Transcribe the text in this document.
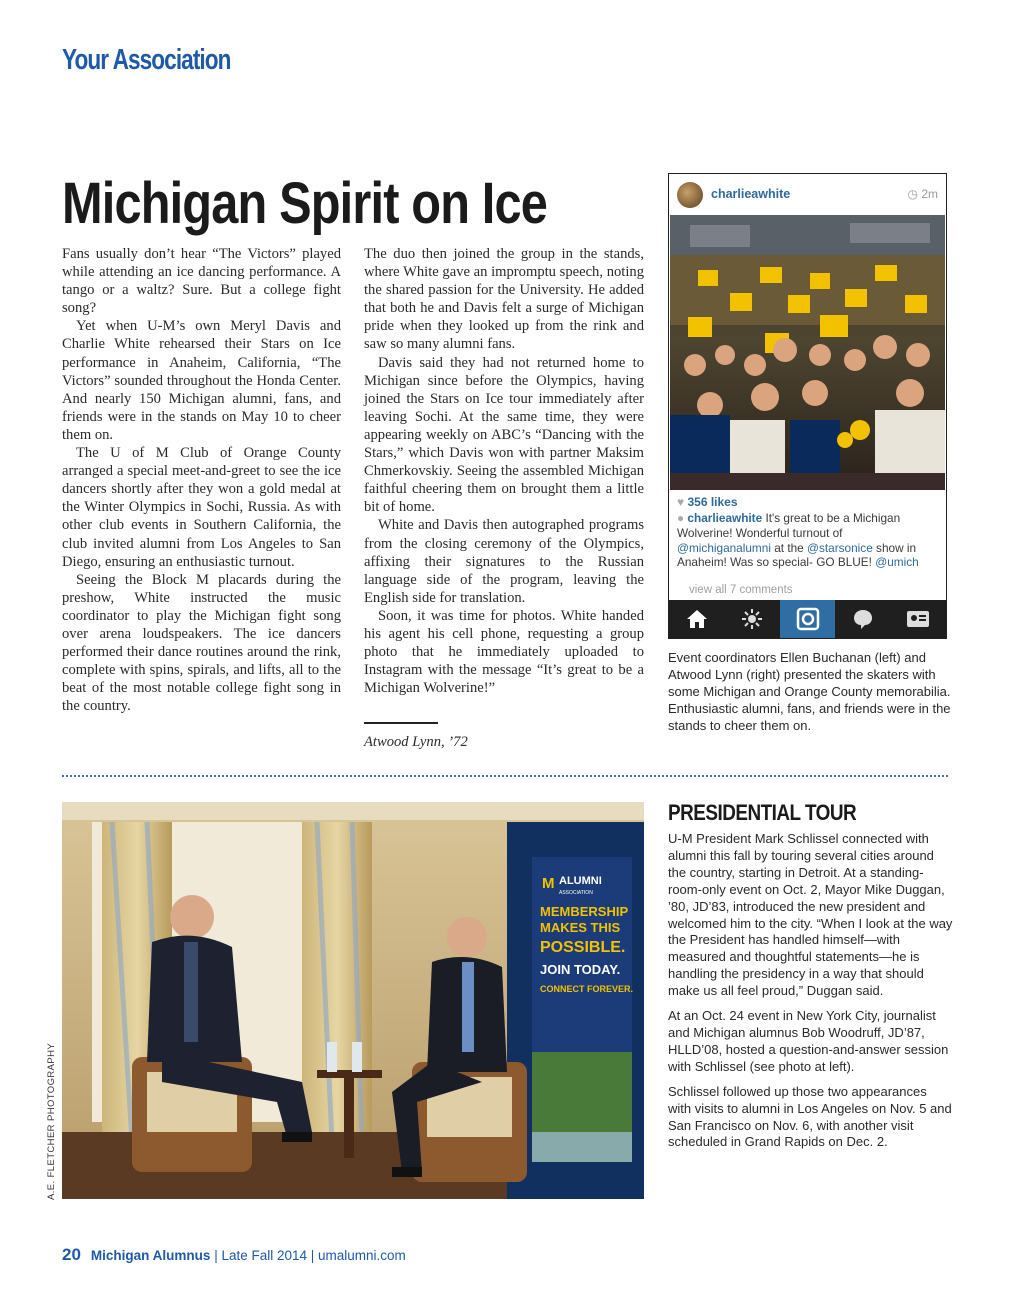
Your Association
Michigan Spirit on Ice

Fans usually don’t hear “The Victors” played while attending an ice dancing performance. A tango or a waltz? Sure. But a college fight song?

Yet when U-M’s own Meryl Davis and Charlie White rehearsed their Stars on Ice performance in Anaheim, California, “The Victors” sounded throughout the Honda Center. And nearly 150 Michigan alumni, fans, and friends were in the stands on May 10 to cheer them on.

The U of M Club of Orange County arranged a special meet-and-greet to see the ice dancers shortly after they won a gold medal at the Winter Olympics in Sochi, Russia. As with other club events in Southern California, the club invited alumni from Los Angeles to San Diego, ensuring an enthusiastic turnout.

Seeing the Block M placards during the preshow, White instructed the music coordinator to play the Michigan fight song over arena loudspeakers. The ice dancers performed their dance routines around the rink, complete with spins, spirals, and lifts, all to the beat of the most notable college fight song in the country.

The duo then joined the group in the stands, where White gave an impromptu speech, noting the shared passion for the University. He added that both he and Davis felt a surge of Michigan pride when they looked up from the rink and saw so many alumni fans.

Davis said they had not returned home to Michigan since before the Olympics, having joined the Stars on Ice tour immediately after leaving Sochi. At the same time, they were appearing weekly on ABC’s “Dancing with the Stars,” which Davis won with partner Maksim Chmerkovskiy. Seeing the assembled Michigan faithful cheering them on brought them a little bit of home.

White and Davis then autographed programs from the closing ceremony of the Olympics, affixing their signatures to the Russian language side of the program, leaving the English side for translation.

Soon, it was time for photos. White handed his agent his cell phone, requesting a group photo that he immediately uploaded to Instagram with the message “It’s great to be a Michigan Wolverine!”

Atwood Lynn, ’72
charlieawhite	◷ 2m
♥ 356 likes
● charlieawhite It's great to be a Michigan Wolverine! Wonderful turnout of @michiganalumni at the @starsonice show in Anaheim! Was so special- GO BLUE! @umich
view all 7 comments
Event coordinators Ellen Buchanan (left) and Atwood Lynn (right) presented the skaters with some Michigan and Orange County memorabilia. Enthusiastic alumni, fans, and friends were in the stands to cheer them on.
M ALUMNI
ASSOCIATION
MEMBERSHIP
MAKES THIS
POSSIBLE.
JOIN TODAY.
CONNECT FOREVER.
A.E. FLETCHER PHOTOGRAPHY
PRESIDENTIAL TOUR

U-M President Mark Schlissel connected with alumni this fall by touring several cities around the country, starting in Detroit. At a standing-room-only event on Oct. 2, Mayor Mike Duggan, ’80, JD’83, introduced the new president and welcomed him to the city. “When I look at the way the President has handled himself—with measured and thoughtful statements—he is handling the presidency in a way that should make us all feel proud,” Duggan said.

At an Oct. 24 event in New York City, journalist and Michigan alumnus Bob Woodruff, JD’87, HLLD’08, hosted a question-and-answer session with Schlissel (see photo at left).

Schlissel followed up those two appearances with visits to alumni in Los Angeles on Nov. 5 and San Francisco on Nov. 6, with another visit scheduled in Grand Rapids on Dec. 2.

20 Michigan Alumnus | Late Fall 2014 | umalumni.com
